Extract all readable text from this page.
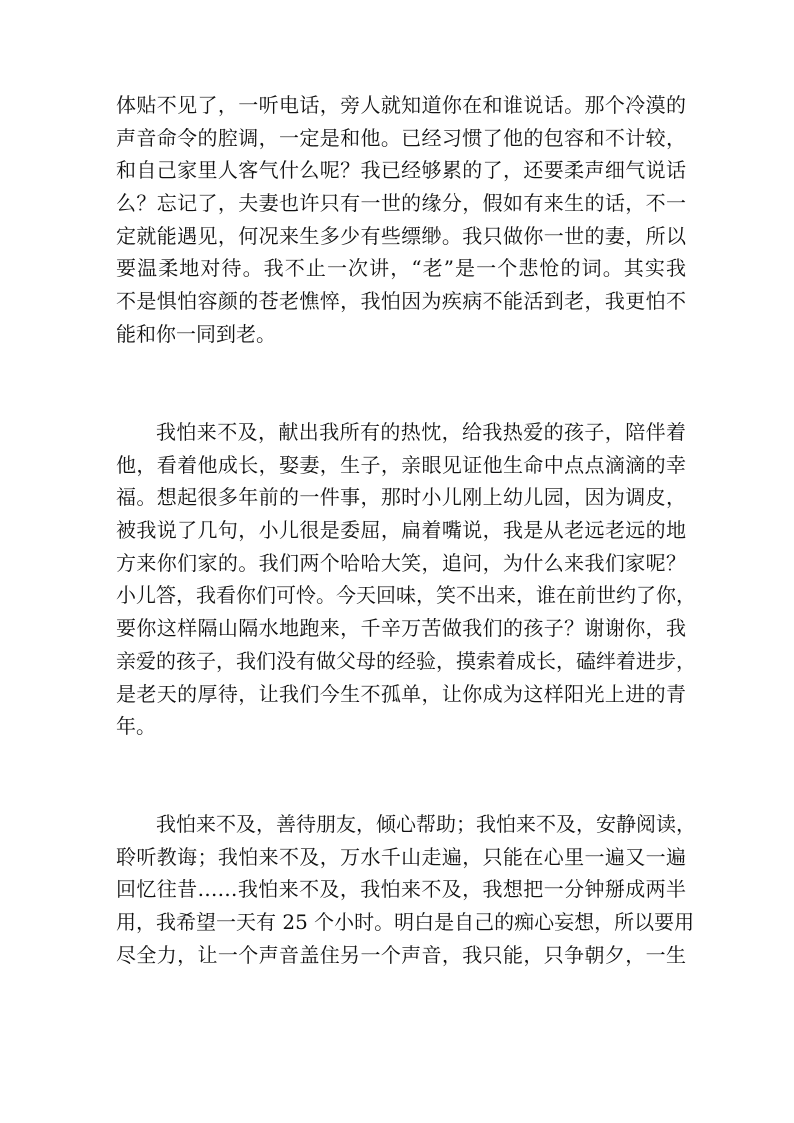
体贴不见了，一听电话，旁人就知道你在和谁说话。那个冷漠的
声音命令的腔调，一定是和他。已经习惯了他的包容和不计较，
和自己家里人客气什么呢？我已经够累的了，还要柔声细气说话
么？忘记了，夫妻也许只有一世的缘分，假如有来生的话，不一
定就能遇见，何况来生多少有些缥缈。我只做你一世的妻，所以
要温柔地对待。我不止一次讲，“老”是一个悲怆的词。其实我
不是惧怕容颜的苍老憔悴，我怕因为疾病不能活到老，我更怕不
能和你一同到老。
我怕来不及，献出我所有的热忱，给我热爱的孩子，陪伴着
他，看着他成长，娶妻，生子，亲眼见证他生命中点点滴滴的幸
福。想起很多年前的一件事，那时小儿刚上幼儿园，因为调皮，
被我说了几句，小儿很是委屈，扁着嘴说，我是从老远老远的地
方来你们家的。我们两个哈哈大笑，追问，为什么来我们家呢？
小儿答，我看你们可怜。今天回味，笑不出来，谁在前世约了你，
要你这样隔山隔水地跑来，千辛万苦做我们的孩子？谢谢你，我
亲爱的孩子，我们没有做父母的经验，摸索着成长，磕绊着进步，
是老天的厚待，让我们今生不孤单，让你成为这样阳光上进的青
年。
我怕来不及，善待朋友，倾心帮助；我怕来不及，安静阅读，
聆听教诲；我怕来不及，万水千山走遍，只能在心里一遍又一遍
回忆往昔……我怕来不及，我怕来不及，我想把一分钟掰成两半
用，我希望一天有 25 个小时。明白是自己的痴心妄想，所以要用
尽全力，让一个声音盖住另一个声音，我只能，只争朝夕，一生
